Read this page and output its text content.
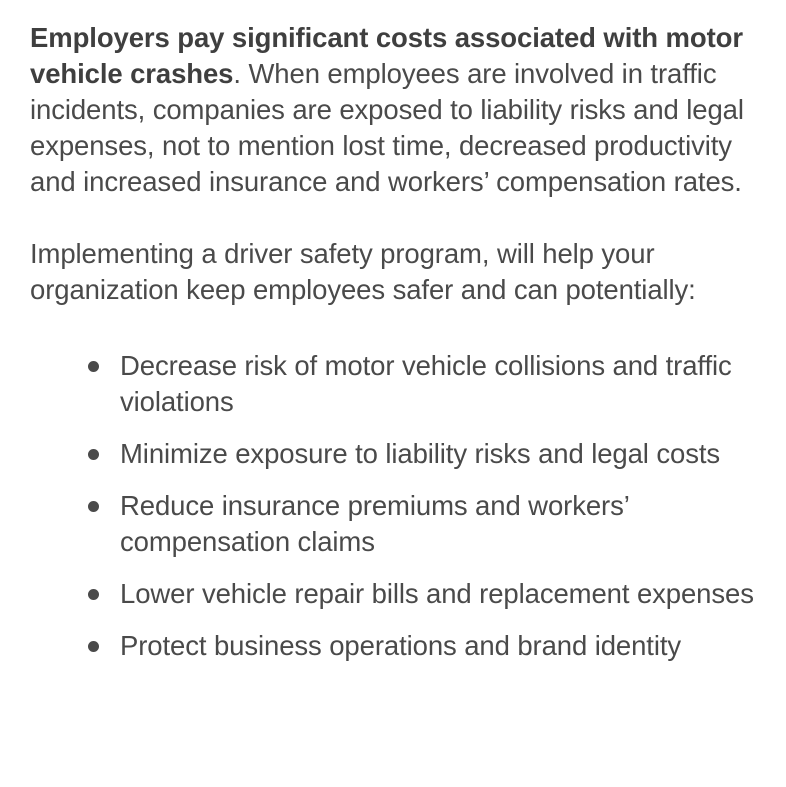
Employers pay significant costs associated with motor vehicle crashes. When employees are involved in traffic incidents, companies are exposed to liability risks and legal expenses, not to mention lost time, decreased productivity and increased insurance and workers’ compensation rates.

Implementing a driver safety program, will help your organization keep employees safer and can potentially:

Decrease risk of motor vehicle collisions and traffic violations
Minimize exposure to liability risks and legal costs
Reduce insurance premiums and workers’ compensation claims
Lower vehicle repair bills and replacement expenses
Protect business operations and brand identity
